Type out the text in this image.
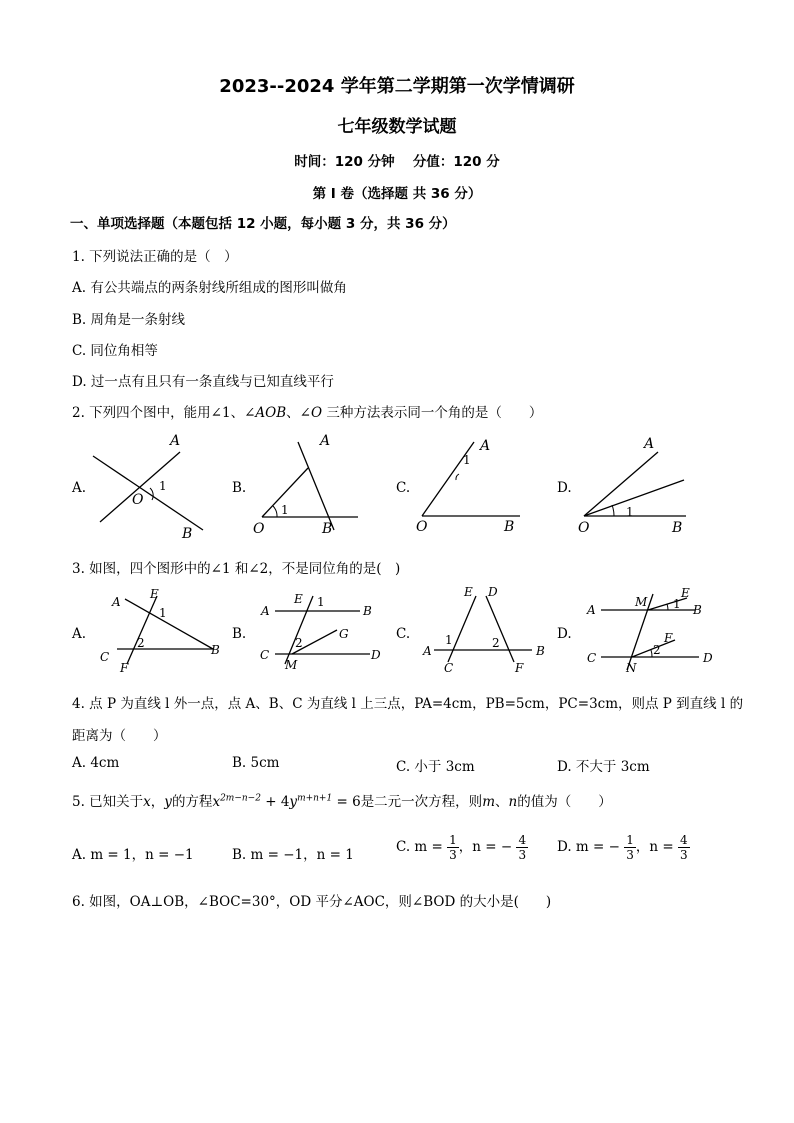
2023--2024 学年第二学期第一次学情调研
七年级数学试题
时间：120 分钟　 分值：120 分
第 I 卷（选择题 共 36 分）
一、单项选择题（本题包括 12 小题，每小题 3 分，共 36 分）
1. 下列说法正确的是（　）
A. 有公共端点的两条射线所组成的图形叫做角
B. 周角是一条射线
C. 同位角相等
D. 过一点有且只有一条直线与已知直线平行
2. 下列四个图中，能用∠1、∠AOB、∠O 三种方法表示同一个角的是（　　）
A.	B.	C.	D.
A
B
O
1
A
B
O
1
A
B
O
1
A
B
O
1
3. 如图，四个图形中的∠1 和∠2，不是同位角的是(　)
A.	B.	C.	D.
A
E
1
2
C
F
B
A
E 1
B
2
G
C
M
D
E D
1	2
A	B
C	F
A
M
E
1 B
F
2
C
N
D
4. 点 P 为直线 l 外一点，点 A、B、C 为直线 l 上三点，PA=4cm，PB=5cm，PC=3cm，则点 P 到直线 l 的
距离为（　　）
A. 4cm	B. 5cm	C. 小于 3cm	D. 不大于 3cm
5. 已知关于x，y的方程$x^{2m-n-2} + 4y^{m+n+1} = 6$是二元一次方程，则m、n的值为（　　）
A. m = 1，n = −1	B. m = −1，n = 1	C. $m = \frac{1}{3}$ ，n = − $\frac{4}{3} D$. m = − $\frac{1}{3}$ ，$n = \frac{4}{3}$
6. 如图，OA⊥OB，∠BOC=30°，OD 平分∠AOC，则∠BOD 的大小是(　　)
